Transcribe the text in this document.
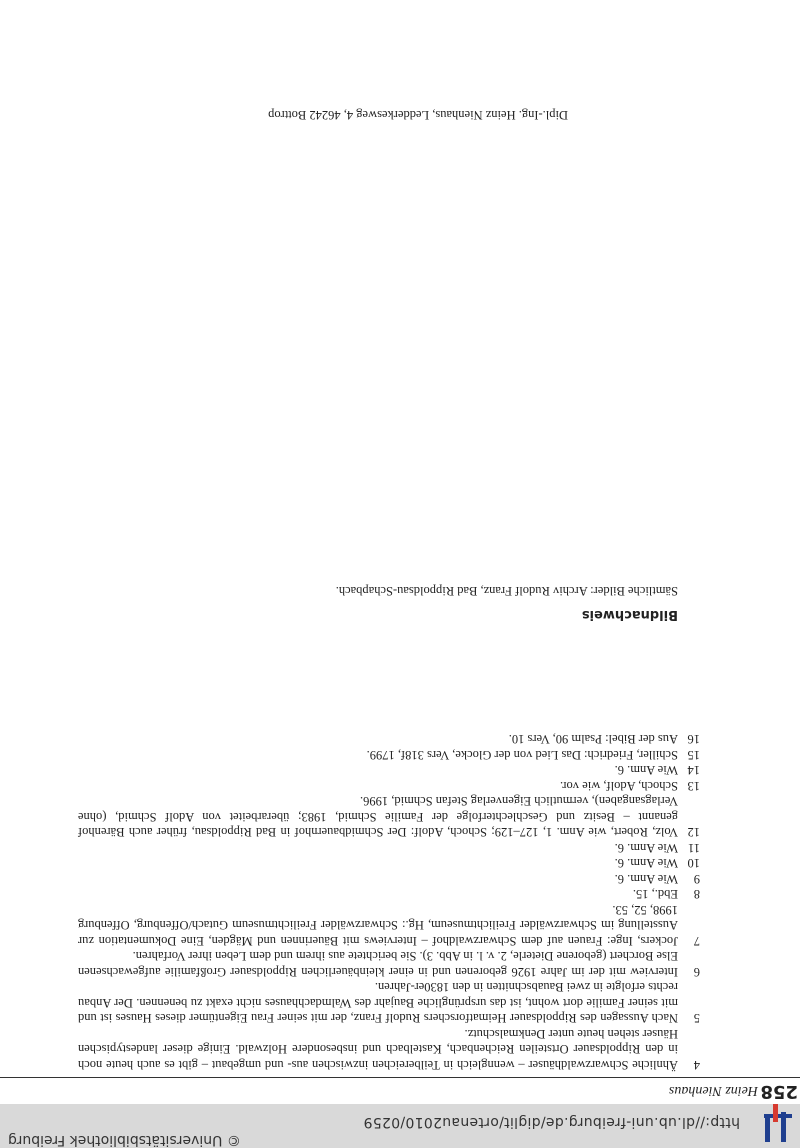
http://dl.ub.uni-freiburg.de/diglit/ortenau2010/0259
© Universitätsbibliothek Freiburg
258
Heinz Nienhaus
4
Ähnliche Schwarzwaldhäuser – wenngleich in Teilbereichen inzwischen aus- und umgebaut – gibt es auch heute noch in den Rippoldsauer Ortsteilen Reichenbach, Kastelbach und insbesondere Holzwald. Einige dieser landestypischen Häuser stehen heute unter Denkmalschutz.
5
Nach Aussagen des Rippoldsauer Heimatforschers Rudolf Franz, der mit seiner Frau Eigentümer dieses Hauses ist und mit seiner Familie dort wohnt, ist das ursprüngliche Baujahr des Walmdachhauses nicht exakt zu benennen. Der Anbau rechts erfolgte in zwei Bauabschnitten in den 1830er-Jahren.
6
Interview mit der im Jahre 1926 geborenen und in einer kleinbäuerlichen Rippoldsauer Großfamilie aufgewachsenen Else Borchert (geborene Dieterle, 2. v. l. in Abb. 3). Sie berichtete aus ihrem und dem Leben ihrer Vorfahren.
7
Jockers, Inge: Frauen auf dem Schwarzwaldhof – Interviews mit Bäuerinnen und Mägden, Eine Dokumentation zur Ausstellung im Schwarzwälder Freilichtmuseum, Hg.: Schwarzwälder Freilichtmuseum Gutach/Offenburg, Offenburg 1998, 52, 53.
8
Ebd., 15.
9
Wie Anm. 6.
10
Wie Anm. 6.
11
Wie Anm. 6.
12
Volz, Robert, wie Anm. 1, 127–129; Schoch, Adolf: Der Schmidbauernhof in Bad Rippoldsau, früher auch Bärenhof genannt – Besitz und Geschlechterfolge der Familie Schmid, 1983; überarbeitet von Adolf Schmid, (ohne Verlagsangaben), vermutlich Eigenverlag Stefan Schmid, 1996.
13
Schoch, Adolf, wie vor.
14
Wie Anm. 6.
15
Schiller, Friedrich: Das Lied von der Glocke, Vers 318f, 1799.
16
Aus der Bibel: Psalm 90, Vers 10.
Bildnachweis
Sämtliche Bilder: Archiv Rudolf Franz, Bad Rippoldsau-Schapbach.
Dipl.-Ing. Heinz Nienhaus, Ledderkesweg 4, 46242 Bottrop
